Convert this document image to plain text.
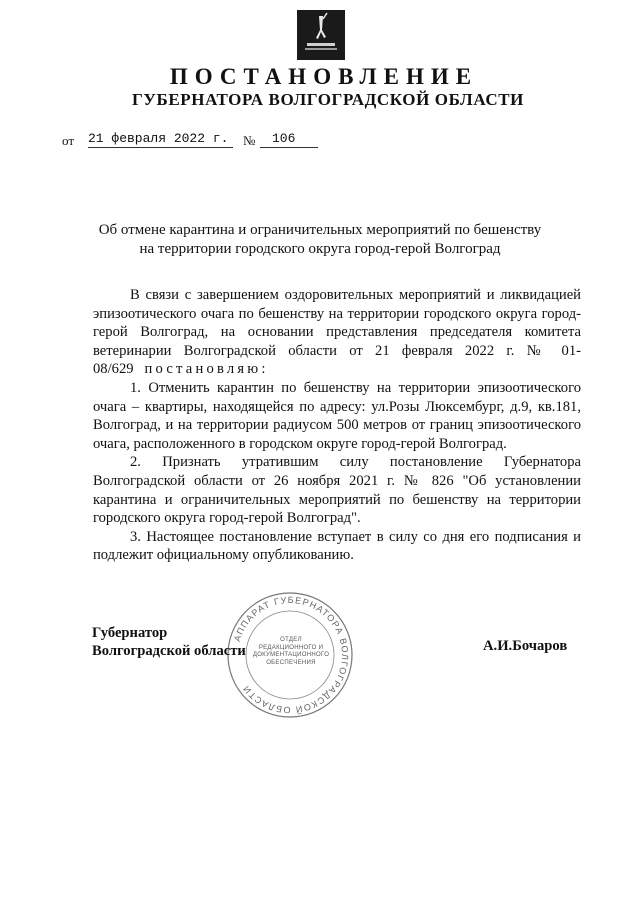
ПОСТАНОВЛЕНИЕ
ГУБЕРНАТОРА ВОЛГОГРАДСКОЙ ОБЛАСТИ
от 21 февраля 2022 г.	№	106
Об отмене карантина и ограничительных мероприятий по бешенству
на территории городского округа город-герой Волгоград

В связи с завершением оздоровительных мероприятий и ликвидацией эпизоотического очага по бешенству на территории городского округа город-герой Волгоград, на основании представления председателя комитета ветеринарии Волгоградской области от 21 февраля 2022 г. № 01-08/629 постановляю:

1. Отменить карантин по бешенству на территории эпизоотического очага – квартиры, находящейся по адресу: ул.Розы Люксембург, д.9, кв.181, Волгоград, и на территории радиусом 500 метров от границ эпизоотического очага, расположенного в городском округе город-герой Волгоград.

2. Признать утратившим силу постановление Губернатора Волгоградской области от 26 ноября 2021 г. № 826 "Об установлении карантина и ограничительных мероприятий по бешенству на территории городского округа город-герой Волгоград".

3. Настоящее постановление вступает в силу со дня его подписания и подлежит официальному опубликованию.

АППАРАТ ГУБЕРНАТОРА ВОЛГОГРАДСКОЙ ОБЛАСТИ
ОТДЕЛ
РЕДАКЦИОННОГО И
ДОКУМЕНТАЦИОННОГО
ОБЕСПЕЧЕНИЯ
Губернатор
Волгоградской области	А.И.Бочаров
